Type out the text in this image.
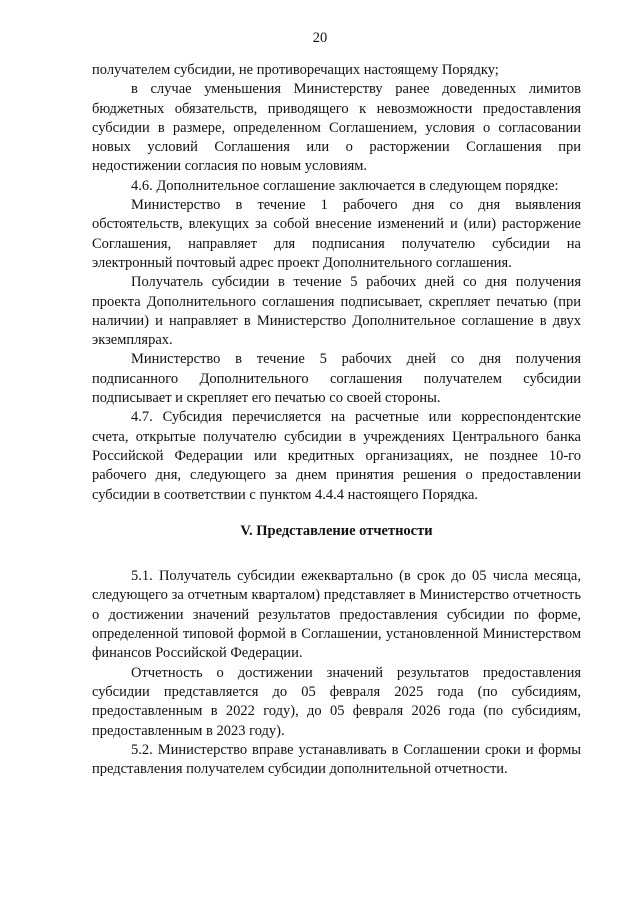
20

получателем субсидии, не противоречащих настоящему Порядку;

в случае уменьшения Министерству ранее доведенных лимитов бюджетных обязательств, приводящего к невозможности предоставления субсидии в размере, определенном Соглашением, условия о согласовании новых условий Соглашения или о расторжении Соглашения при недостижении согласия по новым условиям.

4.6. Дополнительное соглашение заключается в следующем порядке:

Министерство в течение 1 рабочего дня со дня выявления обстоятельств, влекущих за собой внесение изменений и (или) расторжение Соглашения, направляет для подписания получателю субсидии на электронный почтовый адрес проект Дополнительного соглашения.

Получатель субсидии в течение 5 рабочих дней со дня получения проекта Дополнительного соглашения подписывает, скрепляет печатью (при наличии) и направляет в Министерство Дополнительное соглашение в двух экземплярах.

Министерство в течение 5 рабочих дней со дня получения подписанного Дополнительного соглашения получателем субсидии подписывает и скрепляет его печатью со своей стороны.

4.7. Субсидия перечисляется на расчетные или корреспондентские счета, открытые получателю субсидии в учреждениях Центрального банка Российской Федерации или кредитных организациях, не позднее 10-го рабочего дня, следующего за днем принятия решения о предоставлении субсидии в соответствии с пунктом 4.4.4 настоящего Порядка.

V. Представление отчетности

5.1. Получатель субсидии ежеквартально (в срок до 05 числа месяца, следующего за отчетным кварталом) представляет в Министерство отчетность о достижении значений результатов предоставления субсидии по форме, определенной типовой формой в Соглашении, установленной Министерством финансов Российской Федерации.

Отчетность о достижении значений результатов предоставления субсидии представляется до 05 февраля 2025 года (по субсидиям, предоставленным в 2022 году), до 05 февраля 2026 года (по субсидиям, предоставленным в 2023 году).

5.2. Министерство вправе устанавливать в Соглашении сроки и формы представления получателем субсидии дополнительной отчетности.
